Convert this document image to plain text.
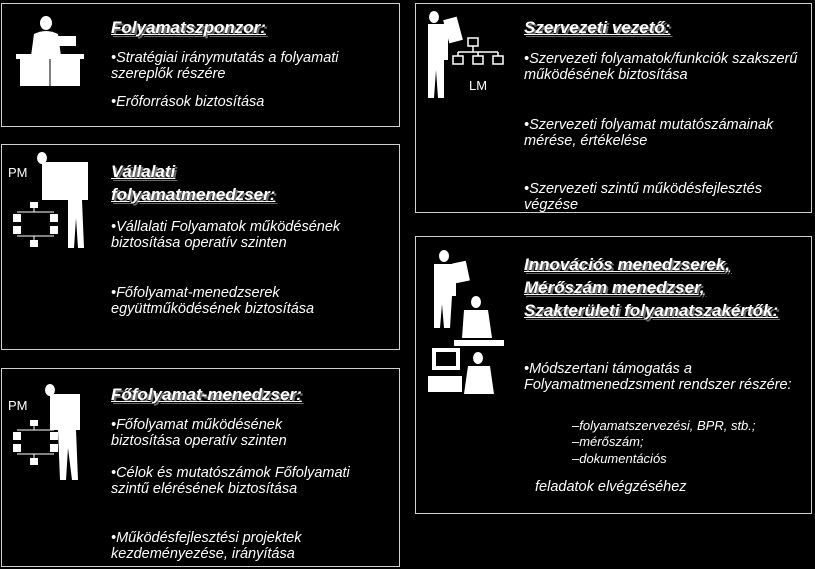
Folyamatszponzor:
•Stratégiai iránymutatás a folyamati szereplők részére
•Erőforrások biztosítása
PM	Vállalati folyamatmenedzser:
•Vállalati Folyamatok működésének biztosítása operatív szinten
•Főfolyamat-menedzserek együttműködésének biztosítása
PM
Főfolyamat-menedzser:
•Főfolyamat működésének biztosítása operatív szinten
•Célok és mutatószámok Főfolyamati szintű elérésének biztosítása
•Működésfejlesztési projektek kezdeményezése, irányítása
LM
Szervezeti vezető:
•Szervezeti folyamatok/funkciók szakszerű működésének biztosítása
•Szervezeti folyamat mutatószámainak mérése, értékelése
•Szervezeti szintű működésfejlesztés végzése
Innovációs menedzserek, Mérőszám menedzser, Szakterületi folyamatszakértők:
•Módszertani támogatás a Folyamatmenedzsment rendszer részére:
–folyamatszervezési, BPR, stb.;
–mérőszám;
–dokumentációs
feladatok elvégzéséhez
